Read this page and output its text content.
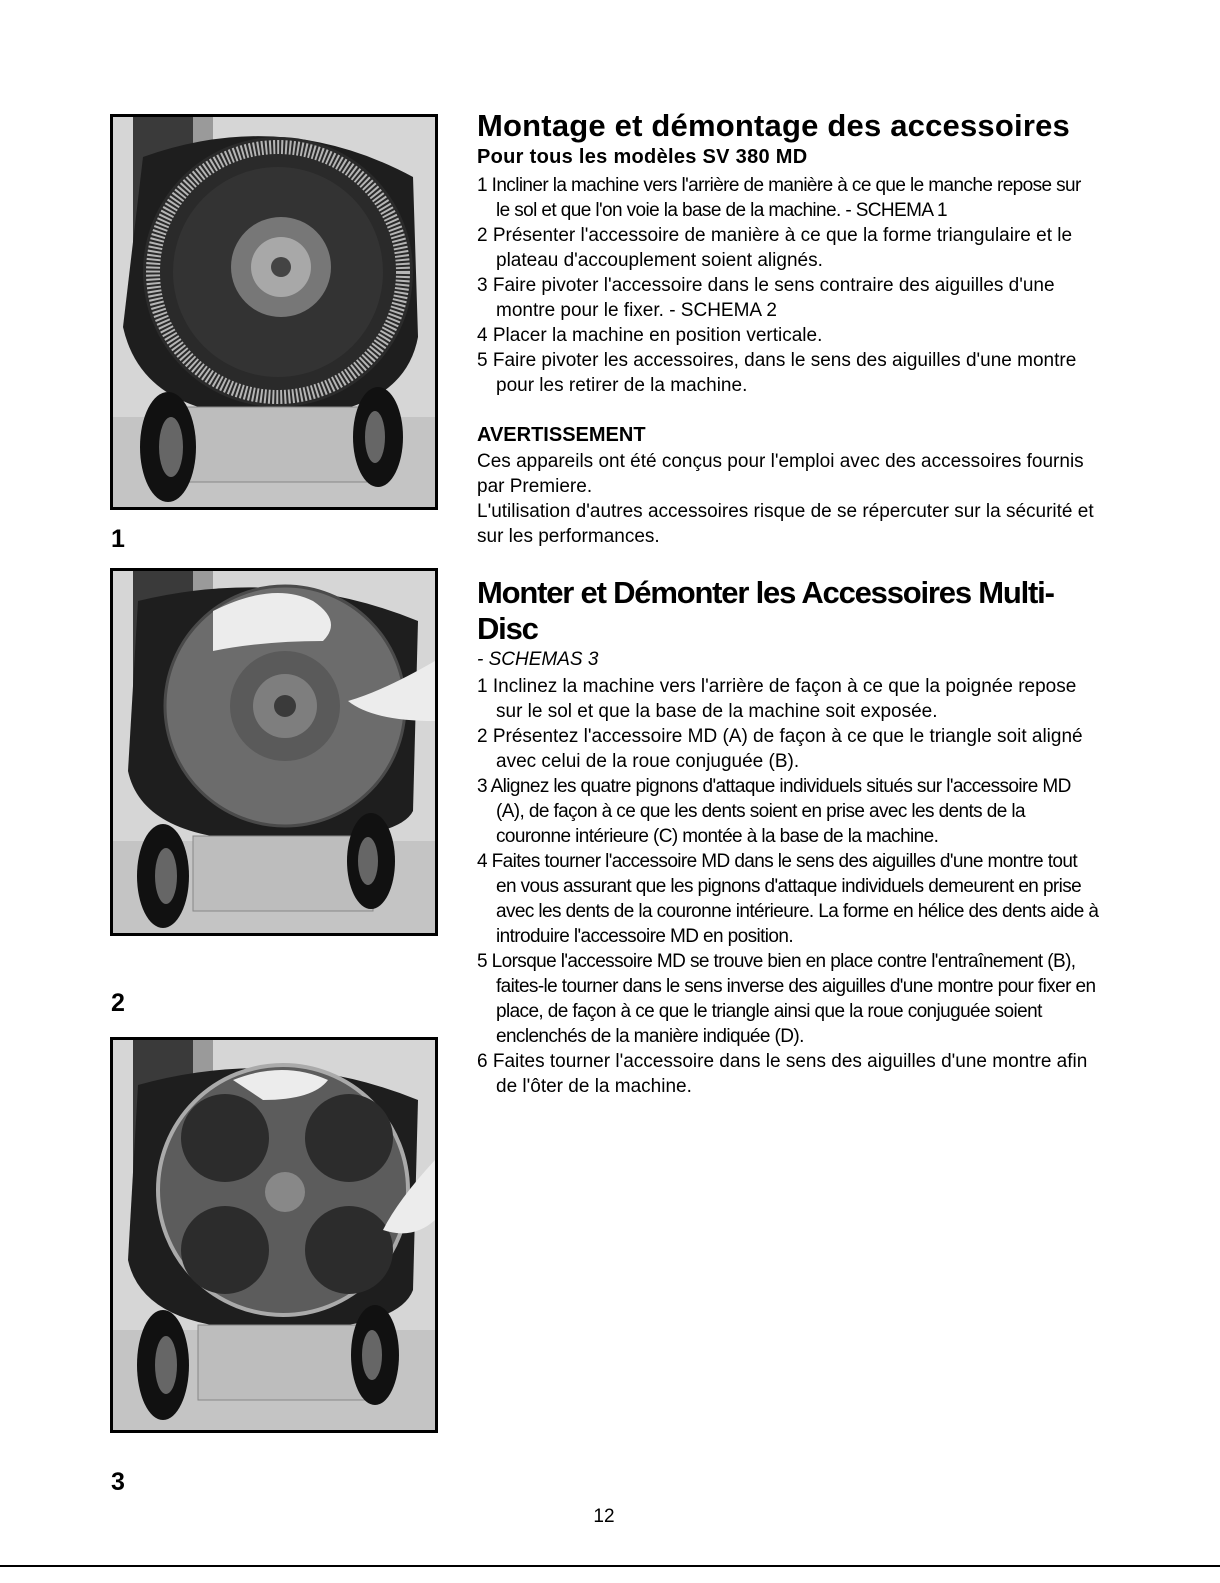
1
2
3
Montage et démontage des accessoires
Pour tous les modèles SV 380 MD
1 Incliner la machine vers l'arrière de manière à ce que le manche repose sur le sol et que l'on voie la base de la machine. - SCHEMA 1
2 Présenter l'accessoire de manière à ce que la forme triangulaire et le plateau d'accouplement soient alignés.
3 Faire pivoter l'accessoire dans le sens contraire des aiguilles d'une montre pour le fixer. - SCHEMA 2
4 Placer la machine en position verticale.
5 Faire pivoter les accessoires, dans le sens des aiguilles d'une montre pour les retirer de la machine.
AVERTISSEMENT
Ces appareils ont été conçus pour l'emploi avec des accessoires fournis par Premiere.
L'utilisation d'autres accessoires risque de se répercuter sur la sécurité et sur les performances.
Monter et Démonter les Accessoires Multi-Disc
- SCHEMAS 3
1 Inclinez la machine vers l'arrière de façon à ce que la poignée repose sur le sol et que la base de la machine soit exposée.
2 Présentez l'accessoire MD (A) de façon à ce que le triangle soit aligné avec celui de la roue conjuguée (B).
3 Alignez les quatre pignons d'attaque individuels situés sur l'accessoire MD (A), de façon à ce que les dents soient en prise avec les dents de la couronne intérieure (C) montée à la base de la machine.
4 Faites tourner l'accessoire MD dans le sens des aiguilles d'une montre tout en vous assurant que les pignons d'attaque individuels demeurent en prise avec les dents de la couronne intérieure. La forme en hélice des dents aide à introduire l'accessoire MD en position.
5 Lorsque l'accessoire MD se trouve bien en place contre l'entraînement (B), faites-le tourner dans le sens inverse des aiguilles d'une montre pour fixer en place, de façon à ce que le triangle ainsi que la roue conjuguée soient enclenchés de la manière indiquée (D).
6 Faites tourner l'accessoire dans le sens des aiguilles d'une montre afin de l'ôter de la machine.
12
